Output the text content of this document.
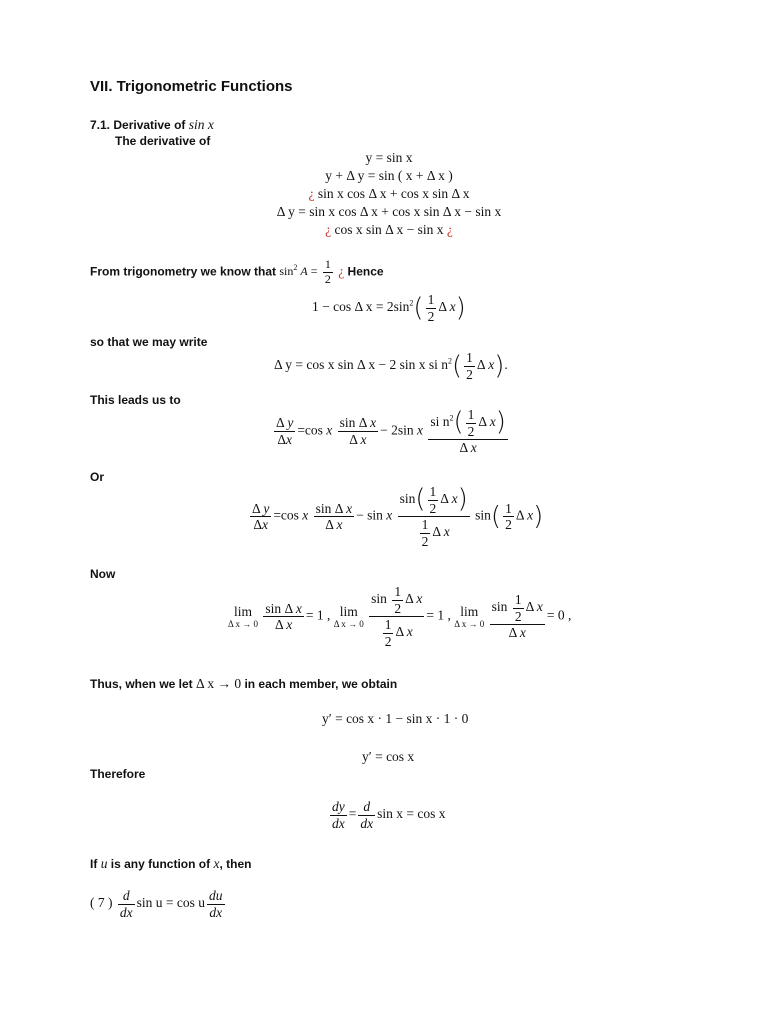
VII. Trigonometric Functions
7.1. Derivative of sin x
The derivative of
y = sin x
y + Δ y = sin ( x + Δ x )
¿ sin x cos Δ x + cos x sin Δ x
Δ y = sin x cos Δ x + cos x sin Δ x − sin x
¿ cos x sin Δ x − sin x ¿
From trigonometry we know that $\sin^2 A = \frac{1}{2}$ ¿ Hence
1 − cos Δ $x = 2\sin^2( \frac{1}{2}$ Δ x)
so that we may write
Δ y = cos x sin Δ x − 2 sin x si $n^2( \frac{1}{2}$ Δ x).
This leads us to
$\frac{\text{Δ y}}{\Delta x} =\cos$ x $\frac{\text{sin Δ x}}{\text{Δ x}} - 2\sin$ x $\frac{si n^2( \frac{1}{2} \Delta x)}{\text{Δ x}}$
Or
$\frac{\text{Δ y}}{\Delta x} =\cos$ x $\frac{\text{sin Δ x}}{\text{Δ x}} - \sin x \frac{\sin( \frac{1}{2} \Delta x)}{\frac{1}{2} \Delta x} \sin( \frac{1}{2}$ Δ x)
Now
lim
Δ x → 0
$\frac{\text{sin Δ x}}{\text{Δ x}} = 1$ , lim
Δ x → 0
$\frac{\sin \frac{1}{2} \Delta x}{\frac{1}{2} \Delta x} = 1$ , lim
Δ x → 0
$\frac{\sin \frac{1}{2} \Delta x}{\text{Δ x}} = 0$ ,
Thus, when we let Δ x → 0 in each member, we obtain
y′ = cos x · 1 − sin x · 1 · 0
y′ = cos x
Therefore
$\frac{dy}{dx} = \frac{d}{dx}$ sin x = cos x
If u is any function of x, then
( 7 ) $\frac{d}{dx}$ sin u = cos u $\frac{du}{dx}$
